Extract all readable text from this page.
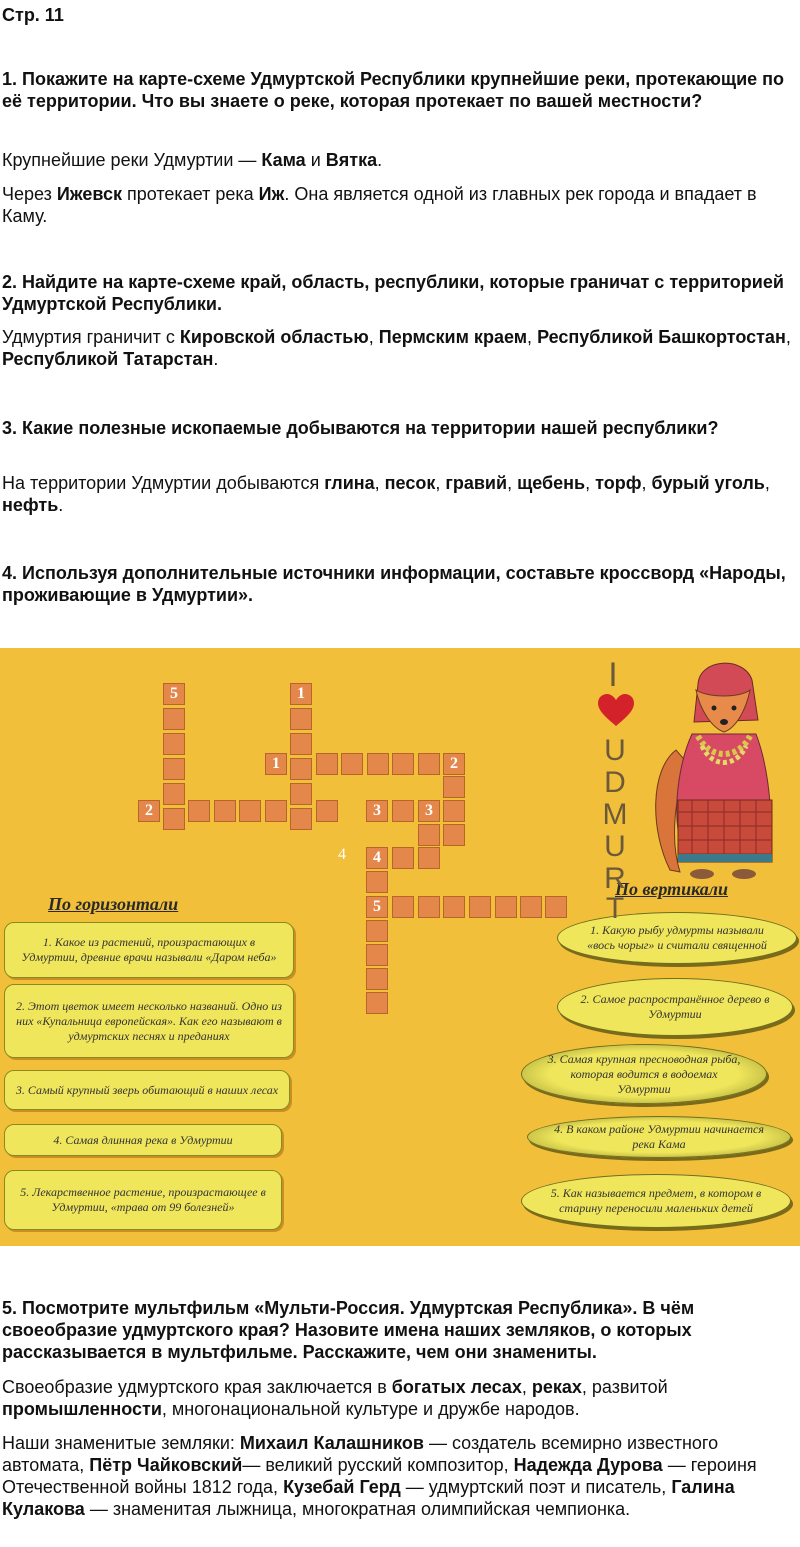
Стр. 11

1. Покажите на карте-схеме Удмуртской Республики крупнейшие реки, протекающие по её территории. Что вы знаете о реке, которая протекает по вашей местности?

Крупнейшие реки Удмуртии — Кама и Вятка.

Через Ижевск протекает река Иж. Она является одной из главных рек города и впадает в Каму.

2. Найдите на карте-схеме край, область, республики, которые граничат с территорией Удмуртской Республики.

Удмуртия граничит с Кировской областью, Пермским краем, Республикой Башкортостан, Республикой Татарстан.

3. Какие полезные ископаемые добываются на территории нашей республики?

На территории Удмуртии добываются глина, песок, гравий, щебень, торф, бурый уголь, нефть.

4. Используя дополнительные источники информации, составьте кроссворд «Народы, проживающие в Удмуртии».

5	1
1	2
2	3	3
4
5
4
По горизонтали
1. Какое из растений, произрастающих в Удмуртии, древние врачи называли «Даром неба»
2. Этот цветок имеет несколько названий. Одно из них «Купальница европейская». Как его называют в удмуртских песнях и преданиях
3. Самый крупный зверь обитающий в наших лесах
4. Самая длинная река в Удмуртии
5. Лекарственное растение, произрастающее в Удмуртии, «трава от 99 болезней»
По вертикали
1. Какую рыбу удмурты называли «вось чорыг» и считали священной
2. Самое распространённое дерево в Удмуртии
3. Самая крупная пресноводная рыба, которая водится в водоемах Удмуртии
4. В каком районе Удмуртии начинается река Кама
5. Как называется предмет, в котором в старину переносили маленьких детей
I
U
D
M
U
R
T

5. Посмотрите мультфильм «Мульти-Россия. Удмуртская Республика». В чём своеобразие удмуртского края? Назовите имена наших земляков, о которых рассказывается в мультфильме. Расскажите, чем они знамениты.

Своеобразие удмуртского края заключается в богатых лесах, реках, развитой промышленности, многонациональной культуре и дружбе народов.

Наши знаменитые земляки: Михаил Калашников — создатель всемирно известного автомата, Пётр Чайковский— великий русский композитор, Надежда Дурова — героиня Отечественной войны 1812 года, Кузебай Герд — удмуртский поэт и писатель, Галина Кулакова — знаменитая лыжница, многократная олимпийская чемпионка.
